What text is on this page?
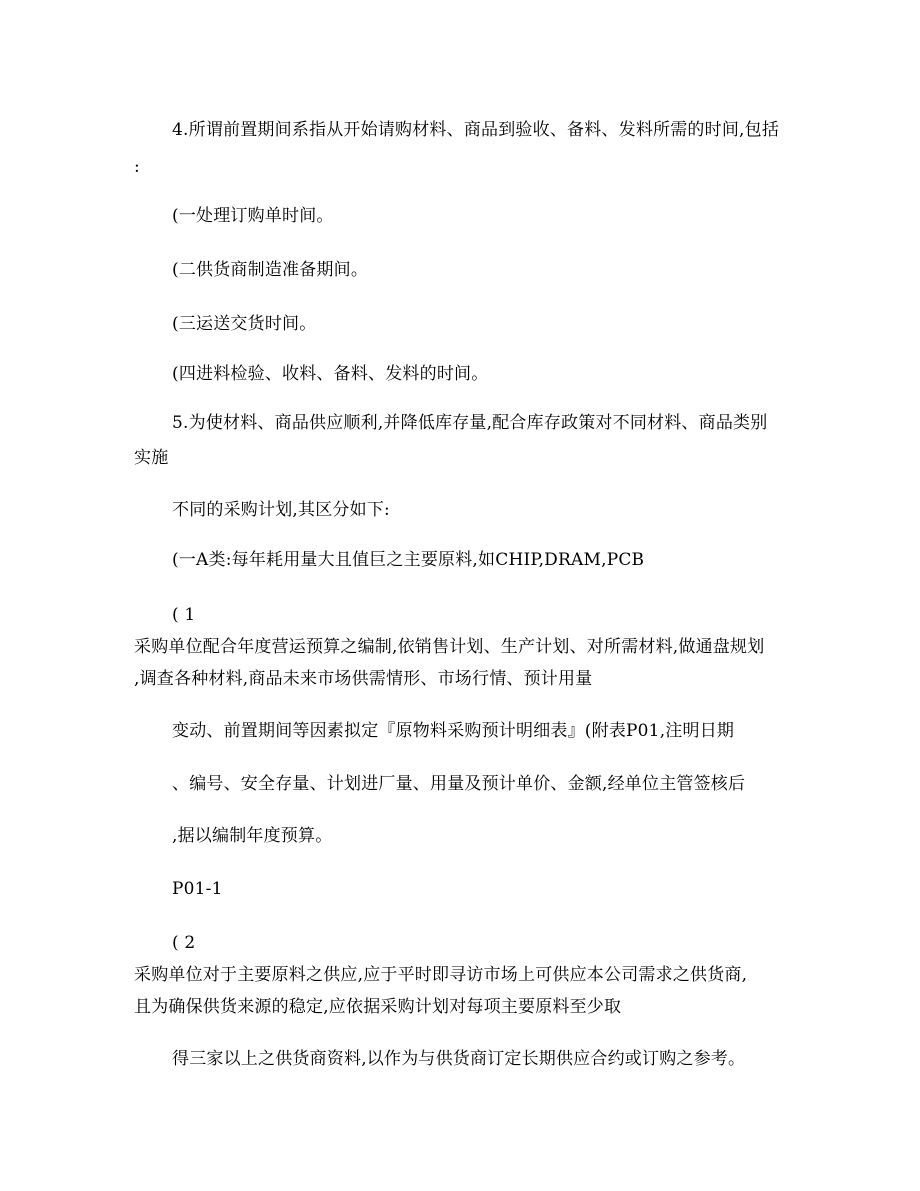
4.所谓前置期间系指从开始请购材料、商品到验收、备料、发料所需的时间,包括
:
(一处理订购单时间。
(二供货商制造准备期间。
(三运送交货时间。
(四进料检验、收料、备料、发料的时间。
5.为使材料、商品供应顺利,并降低库存量,配合库存政策对不同材料、商品类别
实施
不同的采购计划,其区分如下:
(一A类:每年耗用量大且值巨之主要原料,如CHIP,DRAM,PCB
( 1
采购单位配合年度营运预算之编制,依销售计划、生产计划、对所需材料,做通盘规划
,调查各种材料,商品未来市场供需情形、市场行情、预计用量
变动、前置期间等因素拟定『原物料采购预计明细表』(附表P01,注明日期
、编号、安全存量、计划进厂量、用量及预计单价、金额,经单位主管签核后
,据以编制年度预算。
P01-1
( 2
采购单位对于主要原料之供应,应于平时即寻访市场上可供应本公司需求之供货商,
且为确保供货来源的稳定,应依据采购计划对每项主要原料至少取
得三家以上之供货商资料,以作为与供货商订定长期供应合约或订购之参考。
